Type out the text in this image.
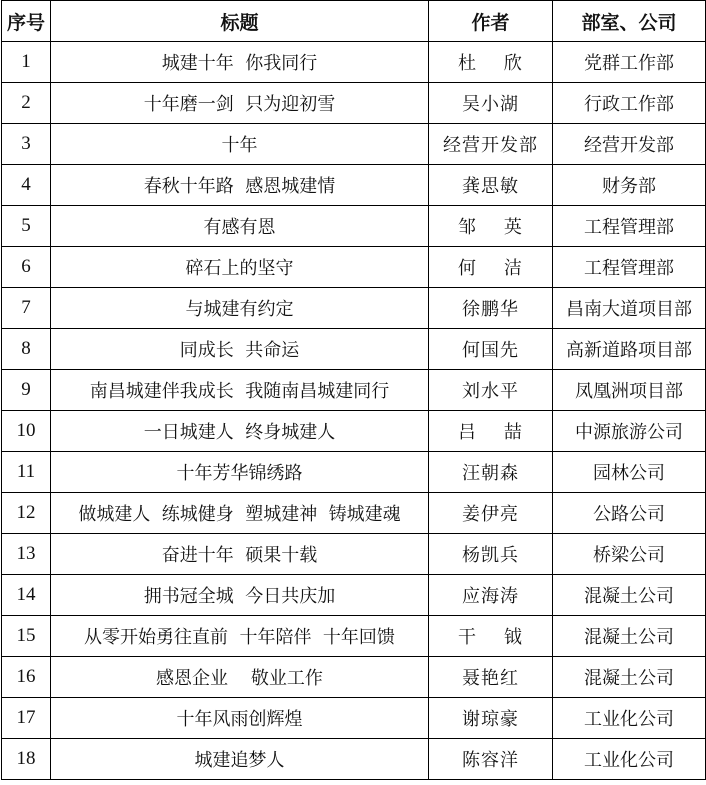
序号	标题	作者	部室、公司
1	城建十年  你我同行	杜    欣	党群工作部
2	十年磨一剑  只为迎初雪	吴小湖	行政工作部
3	十年	经营开发部	经营开发部
4	春秋十年路  感恩城建情	龚思敏	财务部
5	有感有恩	邹    英	工程管理部
6	碎石上的坚守	何    洁	工程管理部
7	与城建有约定	徐鹏华	昌南大道项目部
8	同成长  共命运	何国先	高新道路项目部
9	南昌城建伴我成长  我随南昌城建同行	刘水平	凤凰洲项目部
10	一日城建人  终身城建人	吕    喆	中源旅游公司
11	十年芳华锦绣路	汪朝森	园林公司
12	做城建人  练城健身  塑城建神  铸城建魂	姜伊亮	公路公司
13	奋进十年  硕果十载	杨凯兵	桥梁公司
14	拥书冠全城  今日共庆加	应海涛	混凝土公司
15	从零开始勇往直前  十年陪伴  十年回馈	干    钺	混凝土公司
16	感恩企业    敬业工作	聂艳红	混凝土公司
17	十年风雨创辉煌	谢琼豪	工业化公司
18	城建追梦人	陈容洋	工业化公司
